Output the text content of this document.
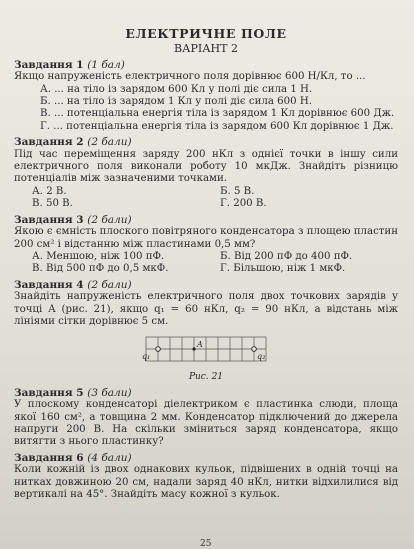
ЕЛЕКТРИЧНЕ ПОЛЕ
ВАРІАНТ 2
Завдання 1 (1 бал)
Якщо напруженість електричного поля дорівнює 600 Н/Кл, то ...
А. ... на тіло із зарядом 600 Кл у полі діє сила 1 Н.
Б. ... на тіло із зарядом 1 Кл у полі діє сила 600 Н.
В. ... потенціальна енергія тіла із зарядом 1 Кл дорівнює 600 Дж.
Г. ... потенціальна енергія тіла із зарядом 600 Кл дорівнює 1 Дж.
Завдання 2 (2 бали)
Під час переміщення заряду 200 нКл з однієї точки в іншу сили електричного поля виконали роботу 10 мкДж. Знайдіть різницю потенціалів між зазначеними точками.
А. 2 В.	Б. 5 В.
В. 50 В.	Г. 200 В.
Завдання 3 (2 бали)
Якою є ємність плоского повітряного конденсатора з площею пластин 200 см² і відстанню між пластинами 0,5 мм?
А. Меншою, ніж 100 пФ.	Б. Від 200 пФ до 400 пФ.
В. Від 500 пФ до 0,5 мкФ.	Г. Більшою, ніж 1 мкФ.
Завдання 4 (2 бали)
Знайдіть напруженість електричного поля двох точкових зарядів у точці A (рис. 21), якщо q₁ = 60 нКл, q₂ = 90 нКл, а відстань між лініями сітки дорівнює 5 см.
q₁
A
q₂
Рис. 21
Завдання 5 (3 бали)
У плоскому конденсаторі діелектриком є пластинка слюди, площа якої 160 см², а товщина 2 мм. Конденсатор підключений до джерела напруги 200 В. На скільки зміниться заряд конденсатора, якщо витягти з нього пластинку?
Завдання 6 (4 бали)
Коли кожній із двох однакових кульок, підвішених в одній точці на нитках довжиною 20 см, надали заряд 40 нКл, нитки відхилилися від вертикалі на 45°. Знайдіть масу кожної з кульок.
25
